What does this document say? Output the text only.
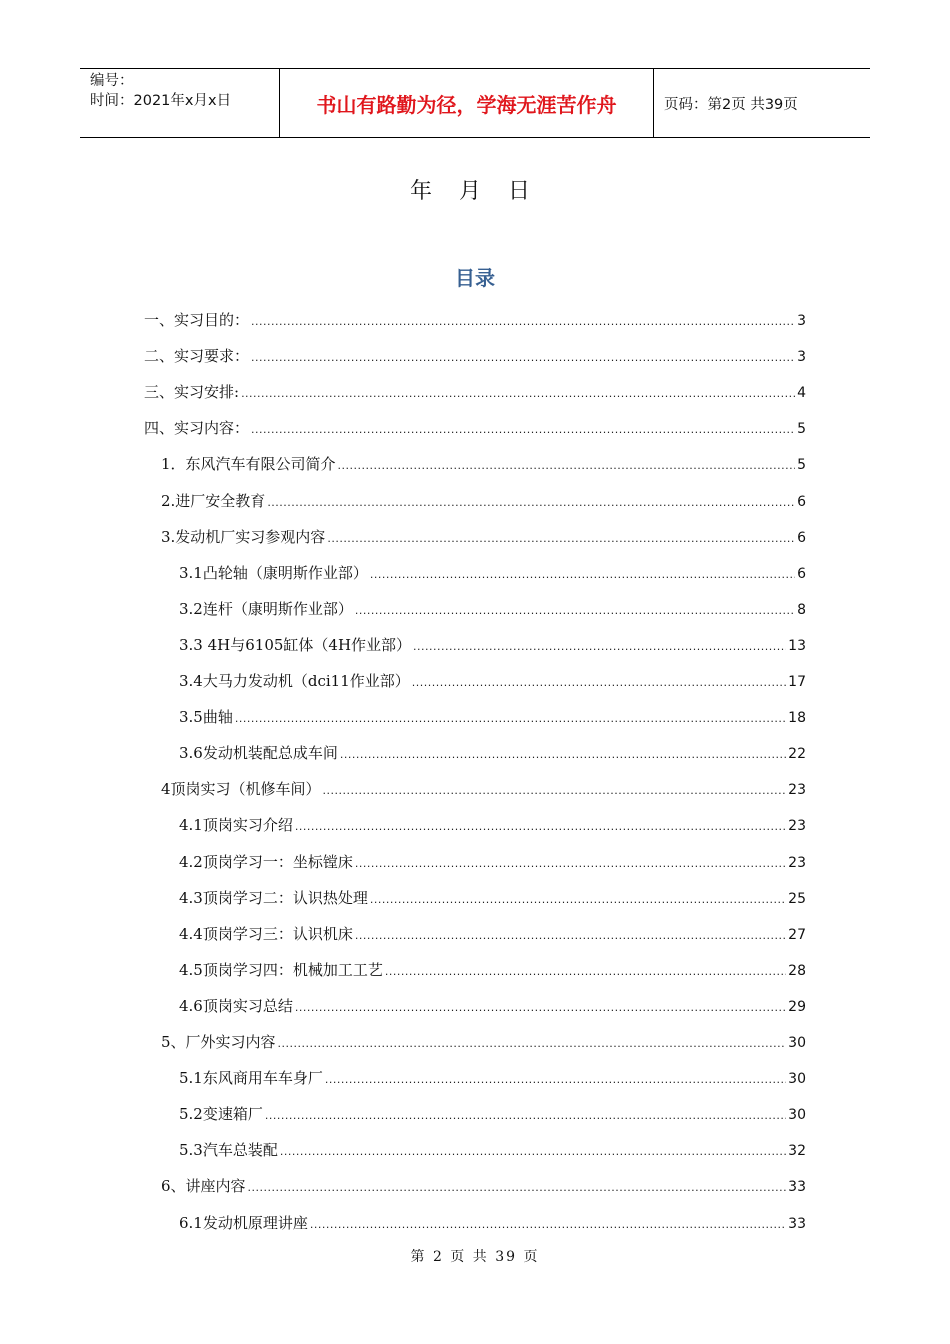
编号：
时间：2021年x月x日	书山有路勤为径，学海无涯苦作舟	页码：第2页 共39页
年 月 日
目录
一、实习目的： .....	3
二、实习要求： .....	3
三、实习安排: .....	4
四、实习内容： .....	5
1．东风汽车有限公司简介 .....	5
2.进厂安全教育 .....	6
3.发动机厂实习参观内容 .....	6
3.1凸轮轴（康明斯作业部） .....	6
3.2连杆（康明斯作业部） .....	8
3.3 4H与6105缸体（4H作业部） .....	13
3.4大马力发动机（dci11作业部） .....	17
3.5曲轴 .....	18
3.6发动机装配总成车间 .....	22
4顶岗实习（机修车间） .....	23
4.1顶岗实习介绍 .....	23
4.2顶岗学习一：坐标镗床 .....	23
4.3顶岗学习二：认识热处理 .....	25
4.4顶岗学习三：认识机床 .....	27
4.5顶岗学习四：机械加工工艺 .....	28
4.6顶岗实习总结 .....	29
5、厂外实习内容 .....	30
5.1东风商用车车身厂 .....	30
5.2变速箱厂 .....	30
5.3汽车总装配 .....	32
6、讲座内容 .....	33
6.1发动机原理讲座 .....	33
第 2 页 共 39 页
